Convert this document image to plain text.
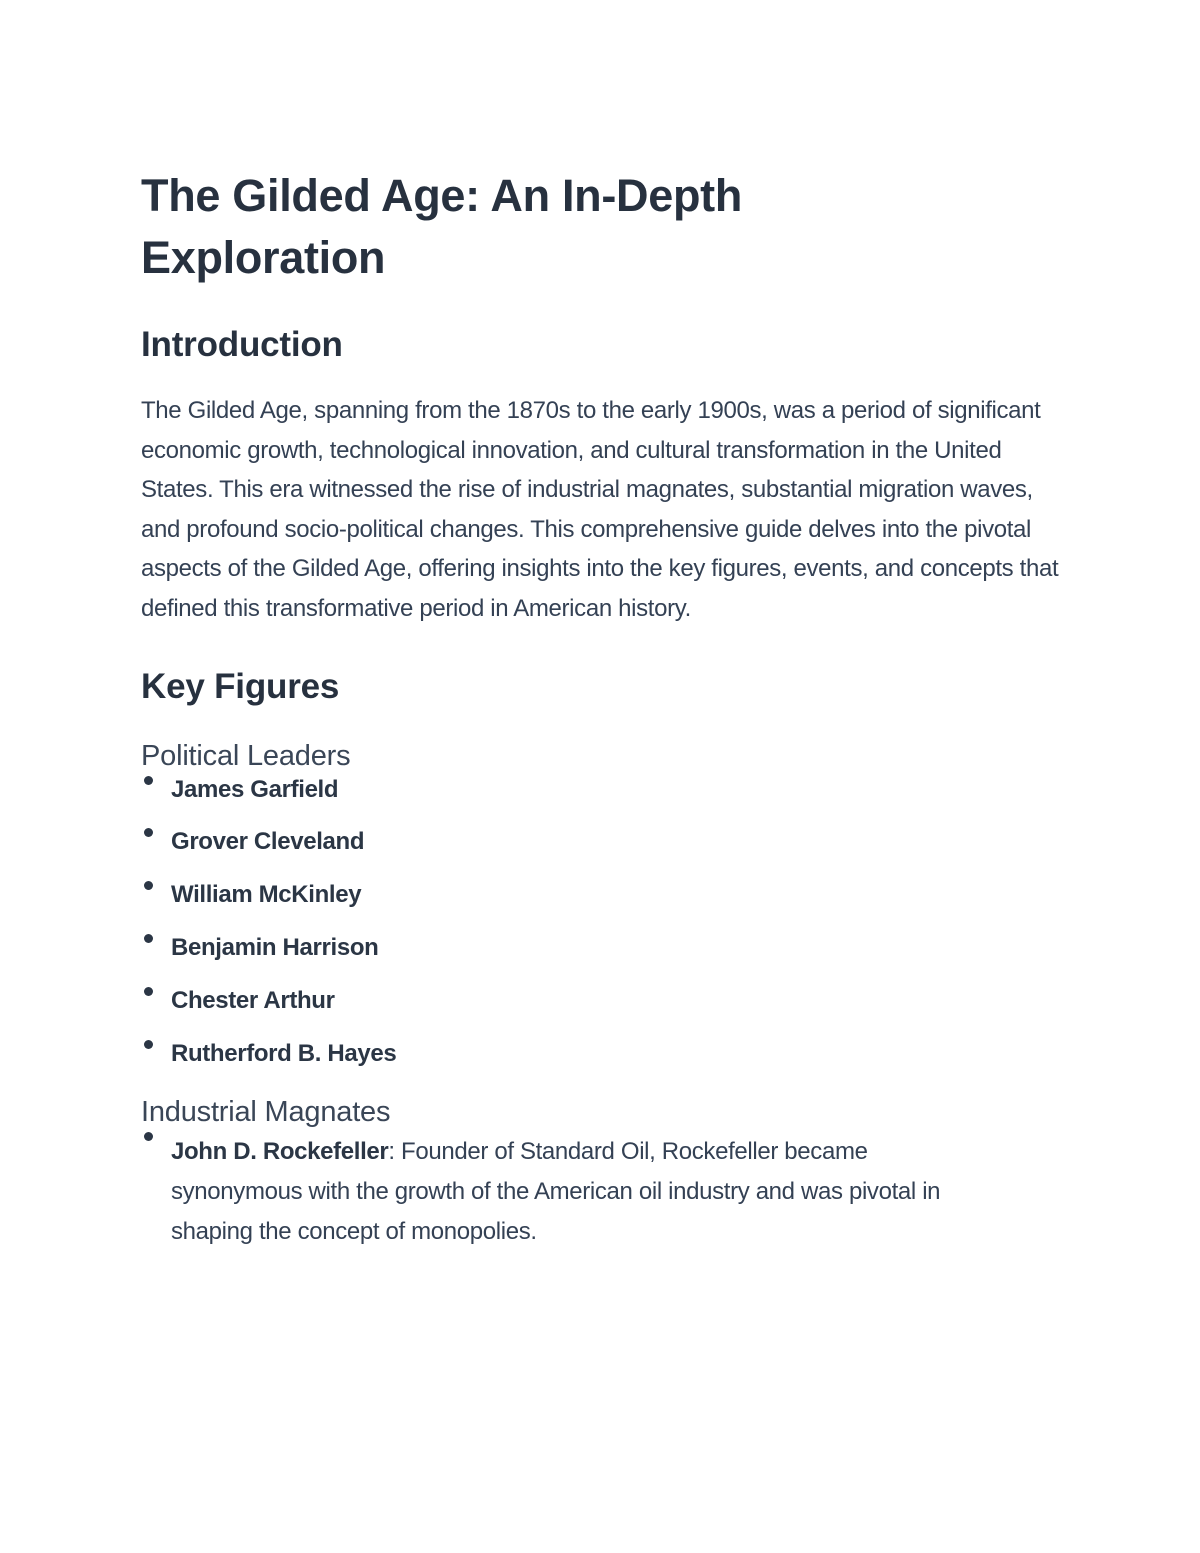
The Gilded Age: An In-Depth Exploration
Introduction

The Gilded Age, spanning from the 1870s to the early 1900s, was a period of significant economic growth, technological innovation, and cultural transformation in the United States. This era witnessed the rise of industrial magnates, substantial migration waves, and profound socio-political changes. This comprehensive guide delves into the pivotal aspects of the Gilded Age, offering insights into the key figures, events, and concepts that defined this transformative period in American history.

Key Figures
Political Leaders
James Garfield
Grover Cleveland
William McKinley
Benjamin Harrison
Chester Arthur
Rutherford B. Hayes
Industrial Magnates
John D. Rockefeller: Founder of Standard Oil, Rockefeller became synonymous with the growth of the American oil industry and was pivotal in shaping the concept of monopolies.
